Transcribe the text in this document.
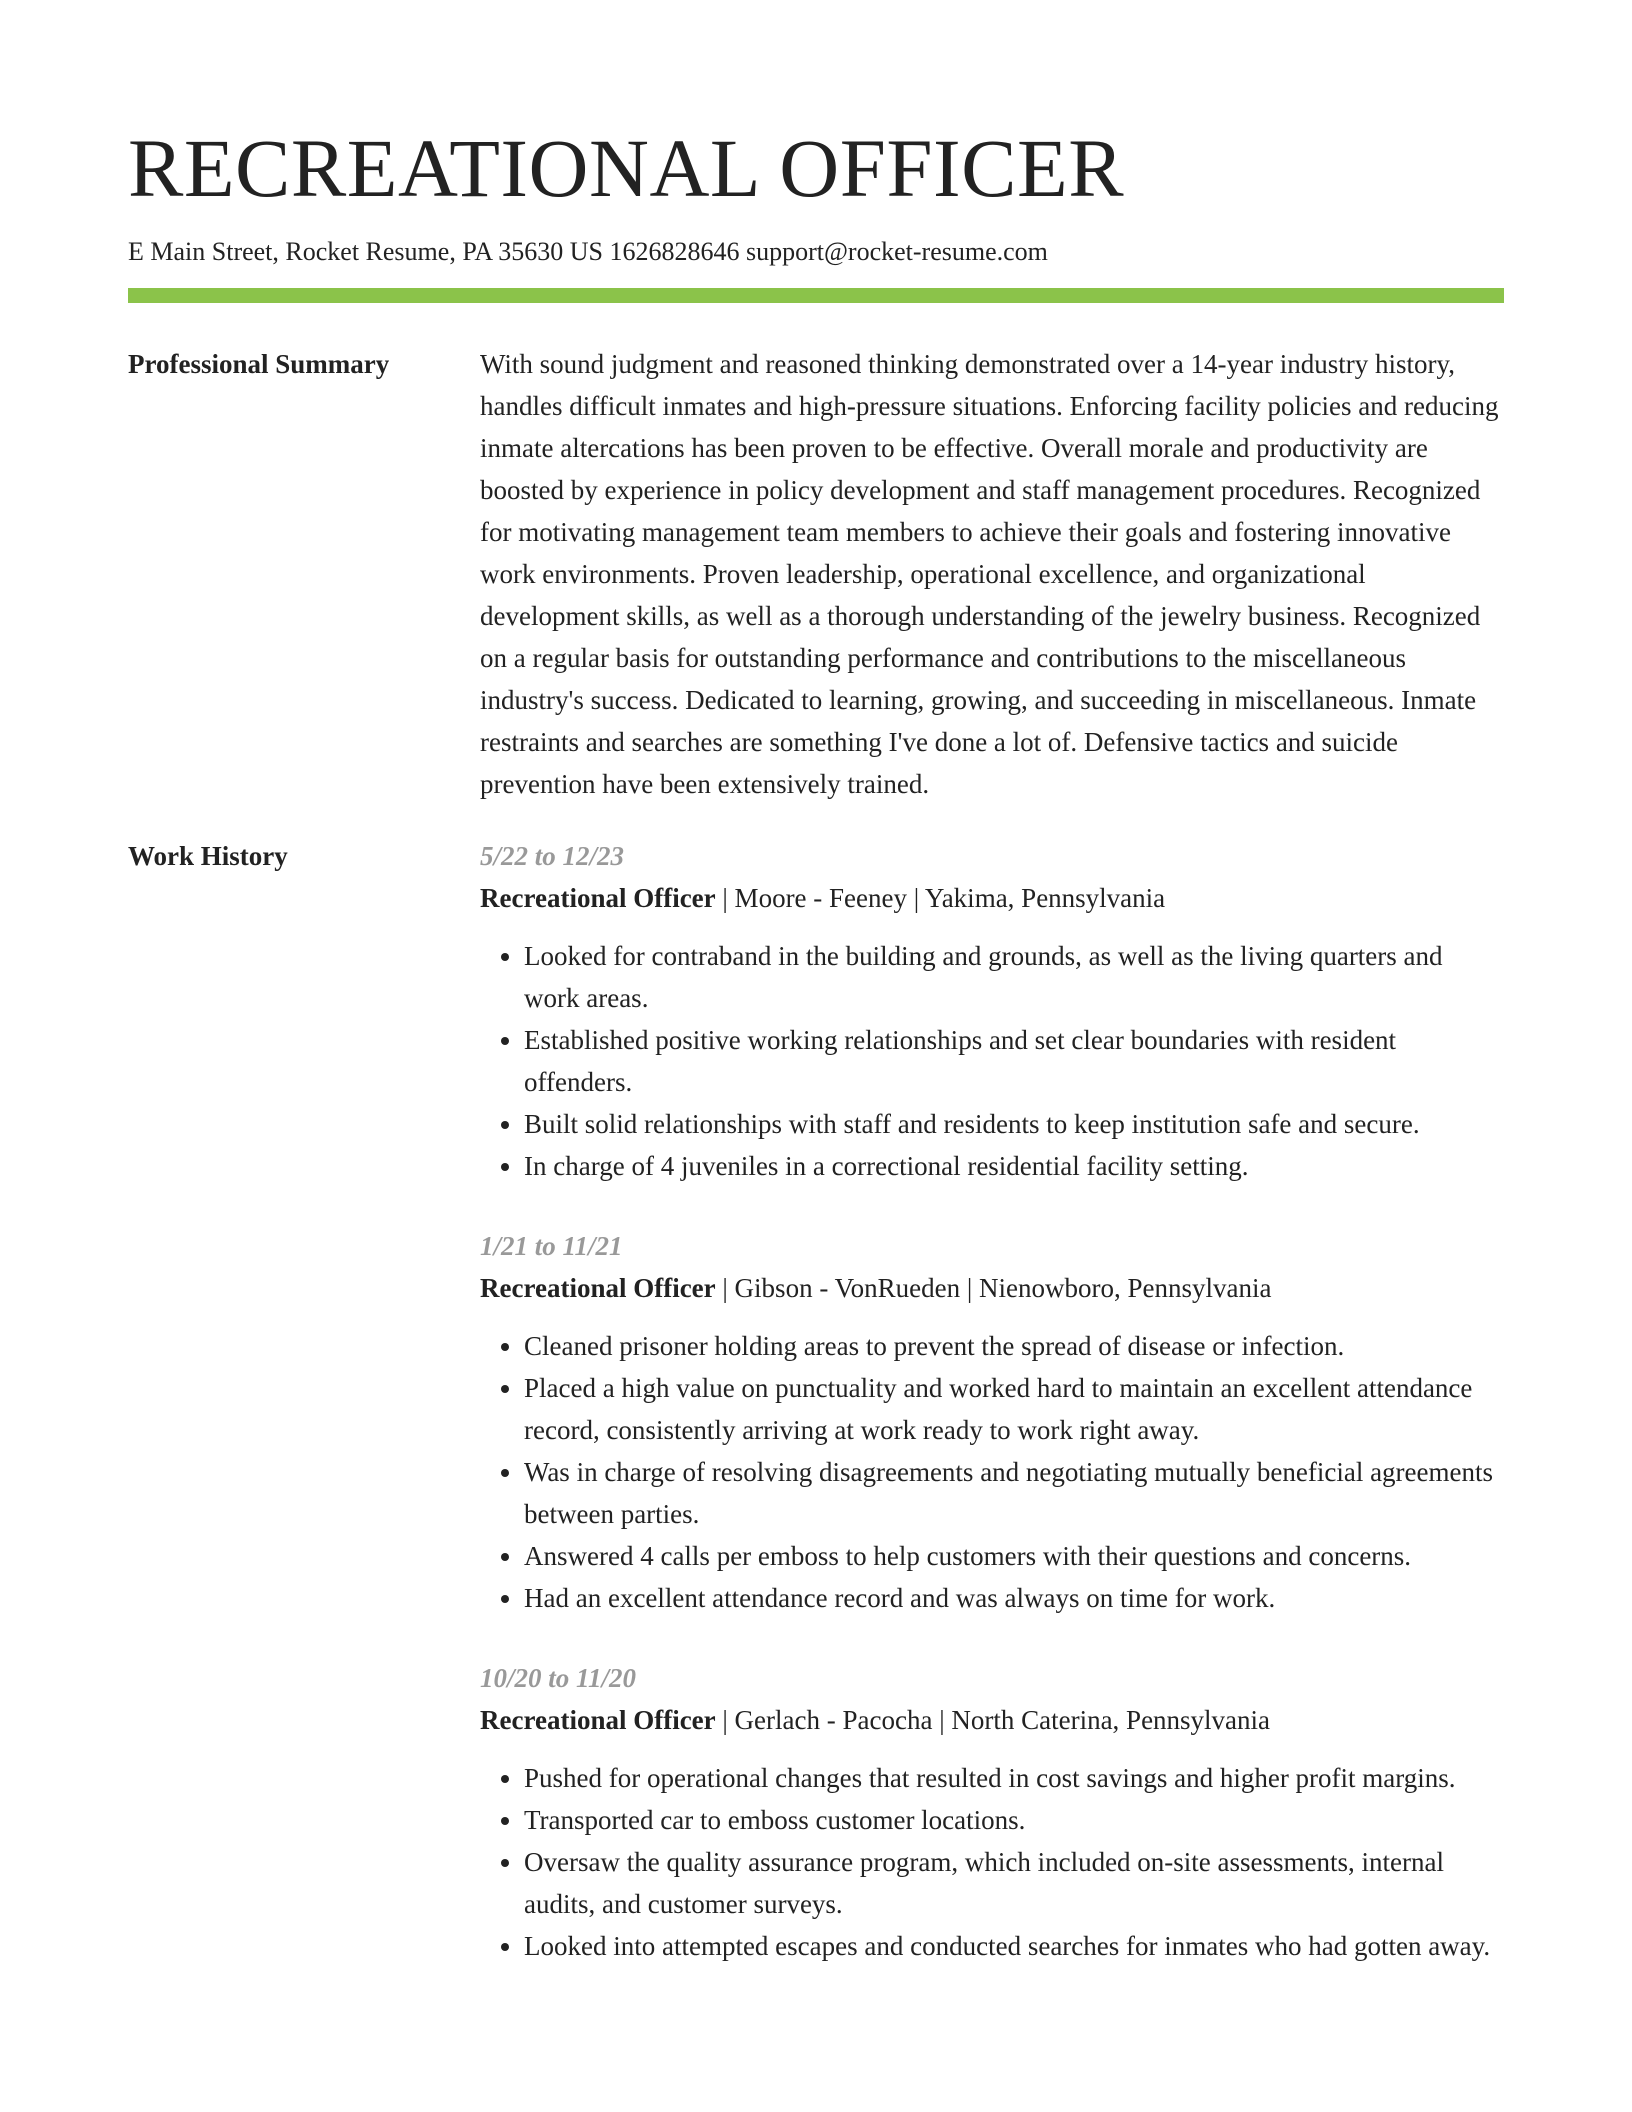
RECREATIONAL OFFICER
E Main Street, Rocket Resume, PA 35630 US 1626828646 support@rocket-resume.com
Professional Summary	With sound judgment and reasoned thinking demonstrated over a 14-year industry history, handles difficult inmates and high-pressure situations. Enforcing facility policies and reducing inmate altercations has been proven to be effective. Overall morale and productivity are boosted by experience in policy development and staff management procedures. Recognized for motivating management team members to achieve their goals and fostering innovative work environments. Proven leadership, operational excellence, and organizational development skills, as well as a thorough understanding of the jewelry business. Recognized on a regular basis for outstanding performance and contributions to the miscellaneous industry's success. Dedicated to learning, growing, and succeeding in miscellaneous. Inmate restraints and searches are something I've done a lot of. Defensive tactics and suicide prevention have been extensively trained.

Work History	5/22 to 12/23
Recreational Officer | Moore - Feeney | Yakima, Pennsylvania
• Looked for contraband in the building and grounds, as well as the living quarters and work areas.
• Established positive working relationships and set clear boundaries with resident offenders.
• Built solid relationships with staff and residents to keep institution safe and secure.
• In charge of 4 juveniles in a correctional residential facility setting.
1/21 to 11/21
Recreational Officer | Gibson - VonRueden | Nienowboro, Pennsylvania
• Cleaned prisoner holding areas to prevent the spread of disease or infection.
• Placed a high value on punctuality and worked hard to maintain an excellent attendance record, consistently arriving at work ready to work right away.
• Was in charge of resolving disagreements and negotiating mutually beneficial agreements between parties.
• Answered 4 calls per emboss to help customers with their questions and concerns.
• Had an excellent attendance record and was always on time for work.
10/20 to 11/20
Recreational Officer | Gerlach - Pacocha | North Caterina, Pennsylvania
• Pushed for operational changes that resulted in cost savings and higher profit margins.
• Transported car to emboss customer locations.
• Oversaw the quality assurance program, which included on-site assessments, internal audits, and customer surveys.
• Looked into attempted escapes and conducted searches for inmates who had gotten away.
